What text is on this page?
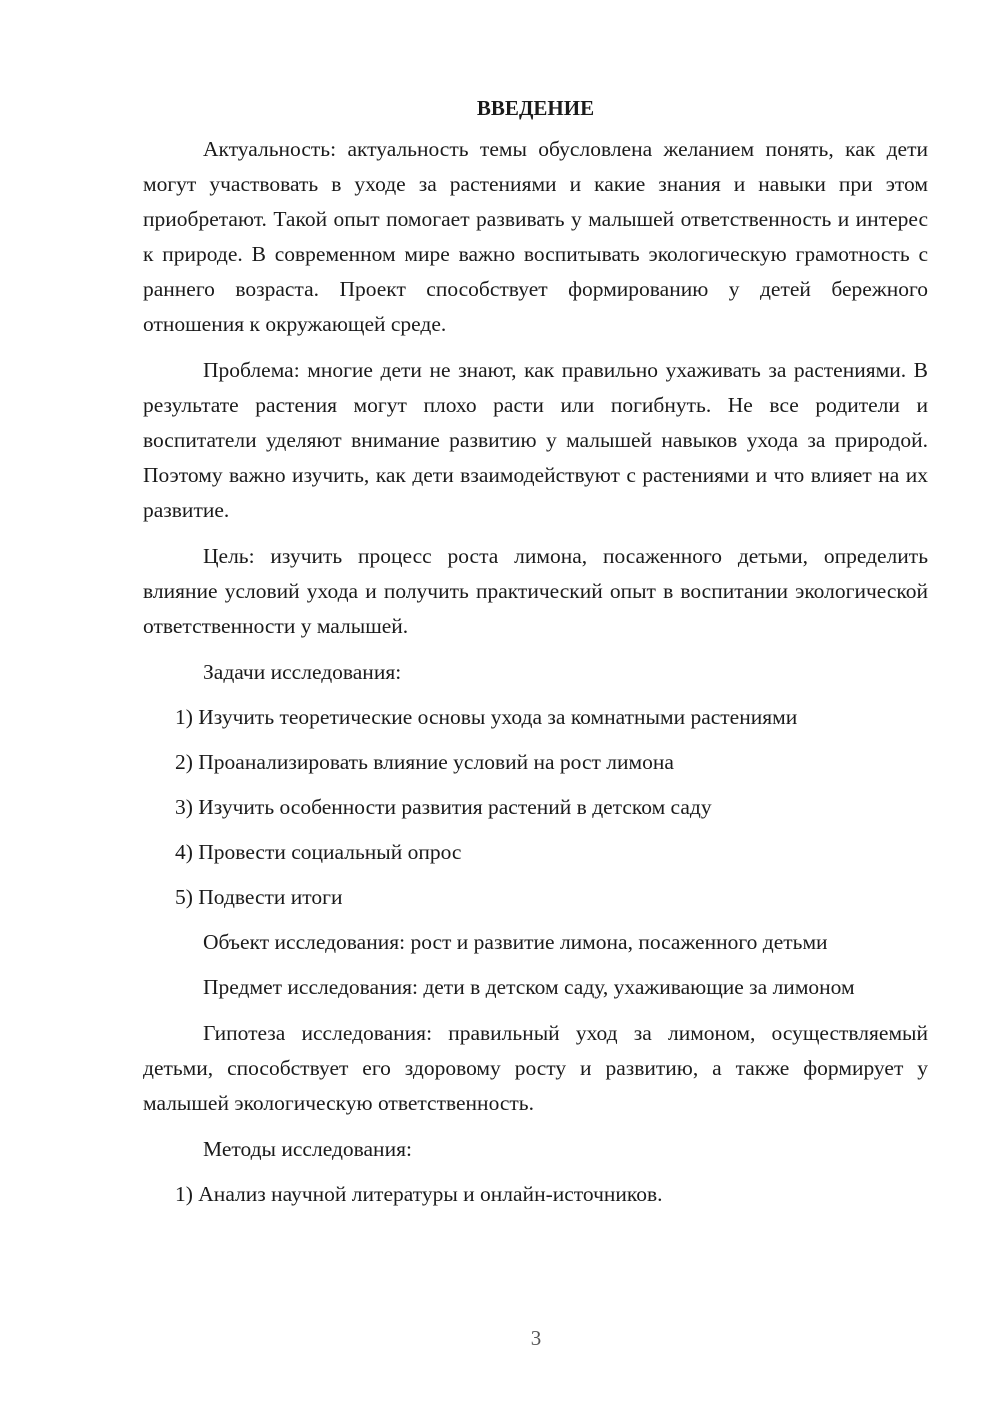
ВВЕДЕНИЕ

Актуальность: актуальность темы обусловлена желанием понять, как дети могут участвовать в уходе за растениями и какие знания и навыки при этом приобретают. Такой опыт помогает развивать у малышей ответственность и интерес к природе. В современном мире важно воспитывать экологическую грамотность с раннего возраста. Проект способствует формированию у детей бережного отношения к окружающей среде.

Проблема: многие дети не знают, как правильно ухаживать за растениями. В результате растения могут плохо расти или погибнуть. Не все родители и воспитатели уделяют внимание развитию у малышей навыков ухода за природой. Поэтому важно изучить, как дети взаимодействуют с растениями и что влияет на их развитие.

Цель: изучить процесс роста лимона, посаженного детьми, определить влияние условий ухода и получить практический опыт в воспитании экологической ответственности у малышей.

Задачи исследования:
1) Изучить теоретические основы ухода за комнатными растениями
2) Проанализировать влияние условий на рост лимона
3) Изучить особенности развития растений в детском саду
4) Провести социальный опрос
5) Подвести итоги
Объект исследования: рост и развитие лимона, посаженного детьми

Предмет исследования: дети в детском саду, ухаживающие за лимоном

Гипотеза исследования: правильный уход за лимоном, осуществляемый детьми, способствует его здоровому росту и развитию, а также формирует у малышей экологическую ответственность.

Методы исследования:
1) Анализ научной литературы и онлайн-источников.
3
